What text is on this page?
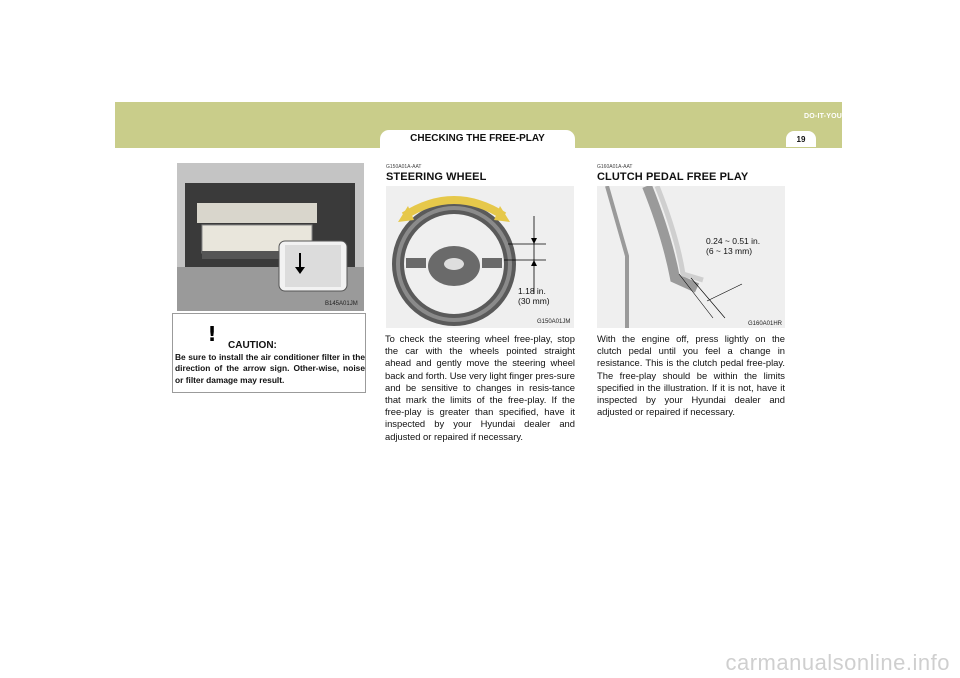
DO-IT-YOURSELF MAINTENANCE 6
19
CHECKING THE FREE-PLAY
B145A01JM
! CAUTION:
Be sure to install the air conditioner filter in the direction of the arrow sign. Other-wise, noise or filter damage may result.
G150A01A-AAT
STEERING WHEEL
1.18 in.
(30 mm)
G150A01JM
To check the steering wheel free-play, stop the car with the wheels pointed straight ahead and gently move the steering wheel back and forth. Use very light finger pres-sure and be sensitive to changes in resis-tance that mark the limits of the free-play. If the free-play is greater than specified, have it inspected by your Hyundai dealer and adjusted or repaired if necessary.
G160A01A-AAT
CLUTCH PEDAL FREE PLAY
0.24 ~ 0.51 in.
(6 ~ 13 mm)
G160A01HR
With the engine off, press lightly on the clutch pedal until you feel a change in resistance. This is the clutch pedal free-play. The free-play should be within the limits specified in the illustration. If it is not, have it inspected by your Hyundai dealer and adjusted or repaired if necessary.
carmanualsonline.info
